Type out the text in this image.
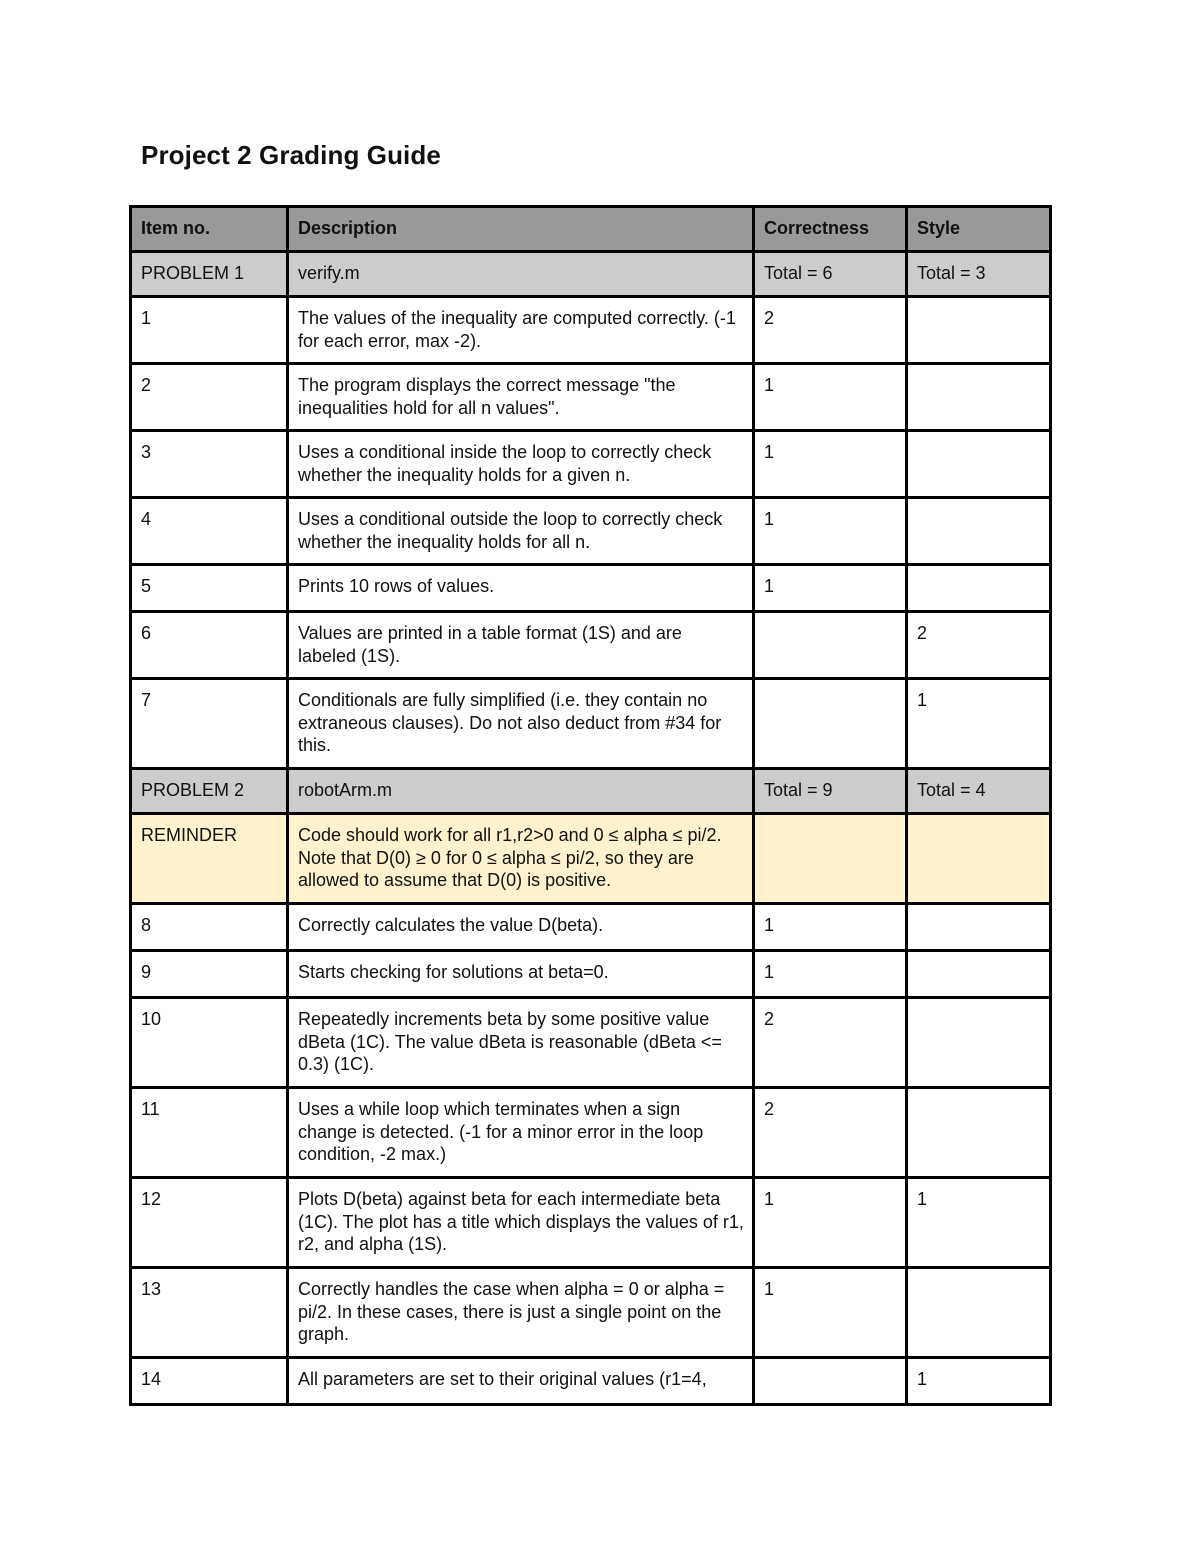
Project 2 Grading Guide
Item no.	Description	Correctness	Style
PROBLEM 1	verify.m	Total = 6	Total = 3
1	The values of the inequality are computed correctly. (-1 for each error, max -2).	2	
2	The program displays the correct message "the inequalities hold for all n values".	1	
3	Uses a conditional inside the loop to correctly check whether the inequality holds for a given n.	1	
4	Uses a conditional outside the loop to correctly check whether the inequality holds for all n.	1	
5	Prints 10 rows of values.	1	
6	Values are printed in a table format (1S) and are labeled (1S).		2
7	Conditionals are fully simplified (i.e. they contain no extraneous clauses). Do not also deduct from #34 for this.		1
PROBLEM 2	robotArm.m	Total = 9	Total = 4
REMINDER	Code should work for all r1,r2>0 and 0 ≤ alpha ≤ pi/2. Note that D(0) ≥ 0 for 0 ≤ alpha ≤ pi/2, so they are allowed to assume that D(0) is positive.		
8	Correctly calculates the value D(beta).	1	
9	Starts checking for solutions at beta=0.	1	
10	Repeatedly increments beta by some positive value dBeta (1C). The value dBeta is reasonable (dBeta <= 0.3) (1C).	2	
11	Uses a while loop which terminates when a sign change is detected. (-1 for a minor error in the loop condition, -2 max.)	2	
12	Plots D(beta) against beta for each intermediate beta (1C). The plot has a title which displays the values of r1, r2, and alpha (1S).	1	1
13	Correctly handles the case when alpha = 0 or alpha = pi/2. In these cases, there is just a single point on the graph.	1	
14	All parameters are set to their original values (r1=4,		1
